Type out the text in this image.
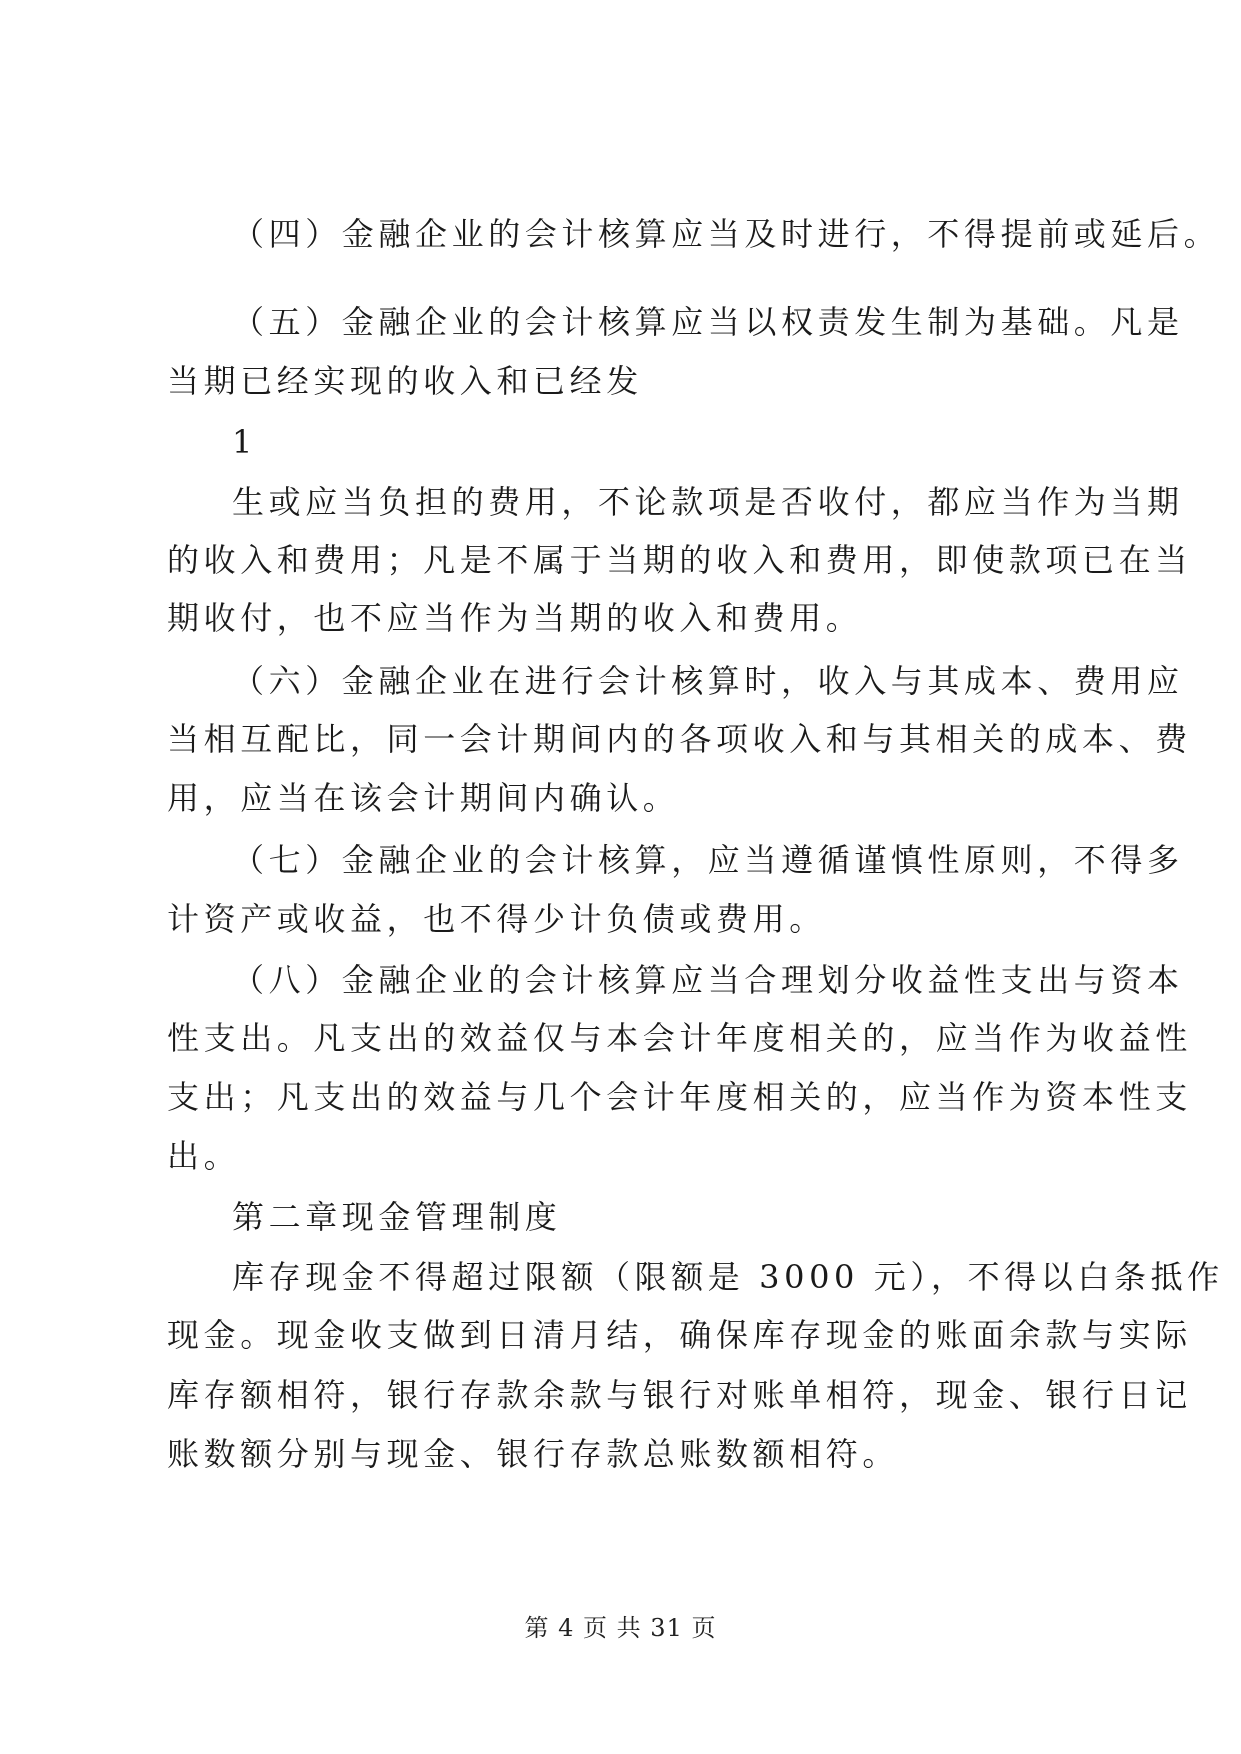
（四）金融企业的会计核算应当及时进行，不得提前或延后。
（五）金融企业的会计核算应当以权责发生制为基础。凡是
当期已经实现的收入和已经发
1
生或应当负担的费用，不论款项是否收付，都应当作为当期
的收入和费用；凡是不属于当期的收入和费用，即使款项已在当
期收付，也不应当作为当期的收入和费用。
（六）金融企业在进行会计核算时，收入与其成本、费用应
当相互配比，同一会计期间内的各项收入和与其相关的成本、费
用，应当在该会计期间内确认。
（七）金融企业的会计核算，应当遵循谨慎性原则，不得多
计资产或收益，也不得少计负债或费用。
（八）金融企业的会计核算应当合理划分收益性支出与资本
性支出。凡支出的效益仅与本会计年度相关的，应当作为收益性
支出；凡支出的效益与几个会计年度相关的，应当作为资本性支
出。
第二章现金管理制度
库存现金不得超过限额（限额是 3000 元），不得以白条抵作
现金。现金收支做到日清月结，确保库存现金的账面余款与实际
库存额相符，银行存款余款与银行对账单相符，现金、银行日记
账数额分别与现金、银行存款总账数额相符。
第 4 页 共 31 页
